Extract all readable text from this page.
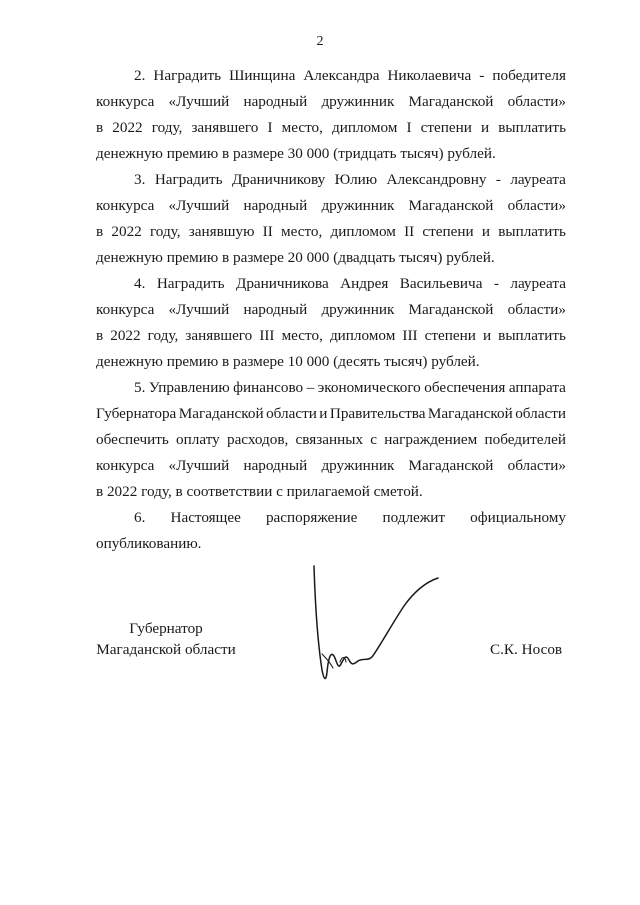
2
2. Наградить Шинщина Александра Николаевича - победителя
конкурса «Лучший народный дружинник Магаданской области»
в 2022 году, занявшего I место, дипломом I степени и выплатить
денежную премию в размере 30 000 (тридцать тысяч) рублей.
3. Наградить Драничникову Юлию Александровну - лауреата
конкурса «Лучший народный дружинник Магаданской области»
в 2022 году, занявшую II место, дипломом II степени и выплатить
денежную премию в размере 20 000 (двадцать тысяч) рублей.
4. Наградить Драничникова Андрея Васильевича - лауреата
конкурса «Лучший народный дружинник Магаданской области»
в 2022 году, занявшего III место, дипломом III степени и выплатить
денежную премию в размере 10 000 (десять тысяч) рублей.
5. Управлению финансово – экономического обеспечения аппарата
Губернатора Магаданской области и Правительства Магаданской области
обеспечить оплату расходов, связанных с награждением победителей
конкурса «Лучший народный дружинник Магаданской области»
в 2022 году, в соответствии с прилагаемой сметой.
6. Настоящее распоряжение подлежит официальному
опубликованию.
Губернатор
Магаданской области	С.К. Носов
